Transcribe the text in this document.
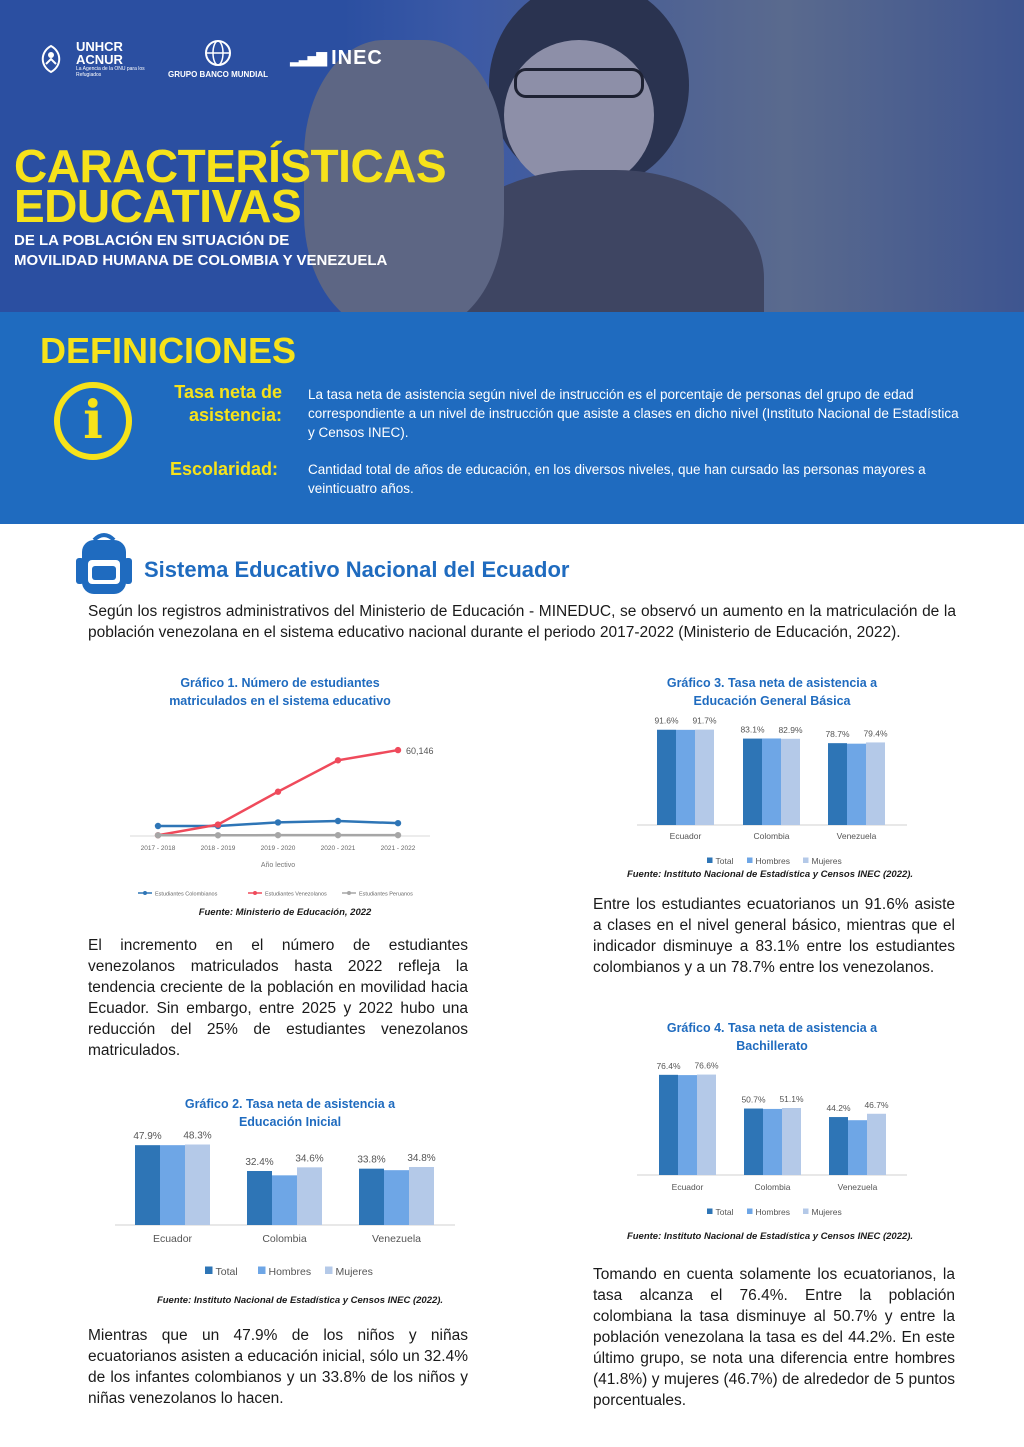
UNHCR
ACNUR
La Agencia de la ONU para los Refugiados	GRUPO BANCO MUNDIAL
▂▃▅▇ INEC
CARACTERÍSTICAS
EDUCATIVAS
DE LA POBLACIÓN EN SITUACIÓN DE
MOVILIDAD HUMANA DE COLOMBIA Y VENEZUELA
DEFINICIONES
i	Tasa neta de
asistencia:
La tasa neta de asistencia según nivel de instrucción es el porcentaje de personas del grupo de edad correspondiente a un nivel de instrucción que asiste a clases en dicho nivel (Instituto Nacional de Estadística y Censos INEC).
Escolaridad: Cantidad total de años de educación, en los diversos niveles, que han cursado las personas mayores a veinticuatro años.
Sistema Educativo Nacional del Ecuador
Según los registros administrativos del Ministerio de Educación - MINEDUC, se observó un aumento en la matriculación de la población venezolana en el sistema educativo nacional durante el periodo 2017-2022 (Ministerio de Educación, 2022).
Gráfico 1. Número de estudiantes
matriculados en el sistema educativo
60,146
2017 - 2018	2018 - 2019	2019 - 2020	2020 - 2021	2021 - 2022
Año lectivo
Estudiantes Colombianos	Estudiantes Venezolanos	Estudiantes Peruanos
Fuente: Ministerio de Educación, 2022
El incremento en el número de estudiantes venezolanos matriculados hasta 2022 refleja la tendencia creciente de la población en movilidad hacia Ecuador. Sin embargo, entre 2025 y 2022 hubo una reducción del 25% de estudiantes venezolanos matriculados.
Gráfico 2. Tasa neta de asistencia a
Educación Inicial
47.9% 48.3%
Ecuador
32.4% 34.6%
Colombia
33.8% 34.8%
Venezuela
Total	Hombres Mujeres
Fuente: Instituto Nacional de Estadística y Censos INEC (2022).
Mientras que un 47.9% de los niños y niñas ecuatorianos asisten a educación inicial, sólo un 32.4% de los infantes colombianos y un 33.8% de los niños y niñas venezolanos lo hacen.
Gráfico 3. Tasa neta de asistencia a
Educación General Básica
91.6% 91.7%
Ecuador
83.1% 82.9%
Colombia
78.7% 79.4%
Venezuela
Total	Hombres	Mujeres
Fuente: Instituto Nacional de Estadística y Censos INEC (2022).
Entre los estudiantes ecuatorianos un 91.6% asiste a clases en el nivel general básico, mientras que el indicador disminuye a 83.1% entre los estudiantes colombianos y a un 78.7% entre los venezolanos.
Gráfico 4. Tasa neta de asistencia a
Bachillerato
76.4% 76.6%
Ecuador
50.7% 51.1%
Colombia
44.2% 46.7%
Venezuela
Total	Hombres	Mujeres
Fuente: Instituto Nacional de Estadística y Censos INEC (2022).
Tomando en cuenta solamente los ecuatorianos, la tasa alcanza el 76.4%. Entre la población colombiana la tasa disminuye al 50.7% y entre la población venezolana la tasa es del 44.2%. En este último grupo, se nota una diferencia entre hombres (41.8%) y mujeres (46.7%) de alrededor de 5 puntos porcentuales.
